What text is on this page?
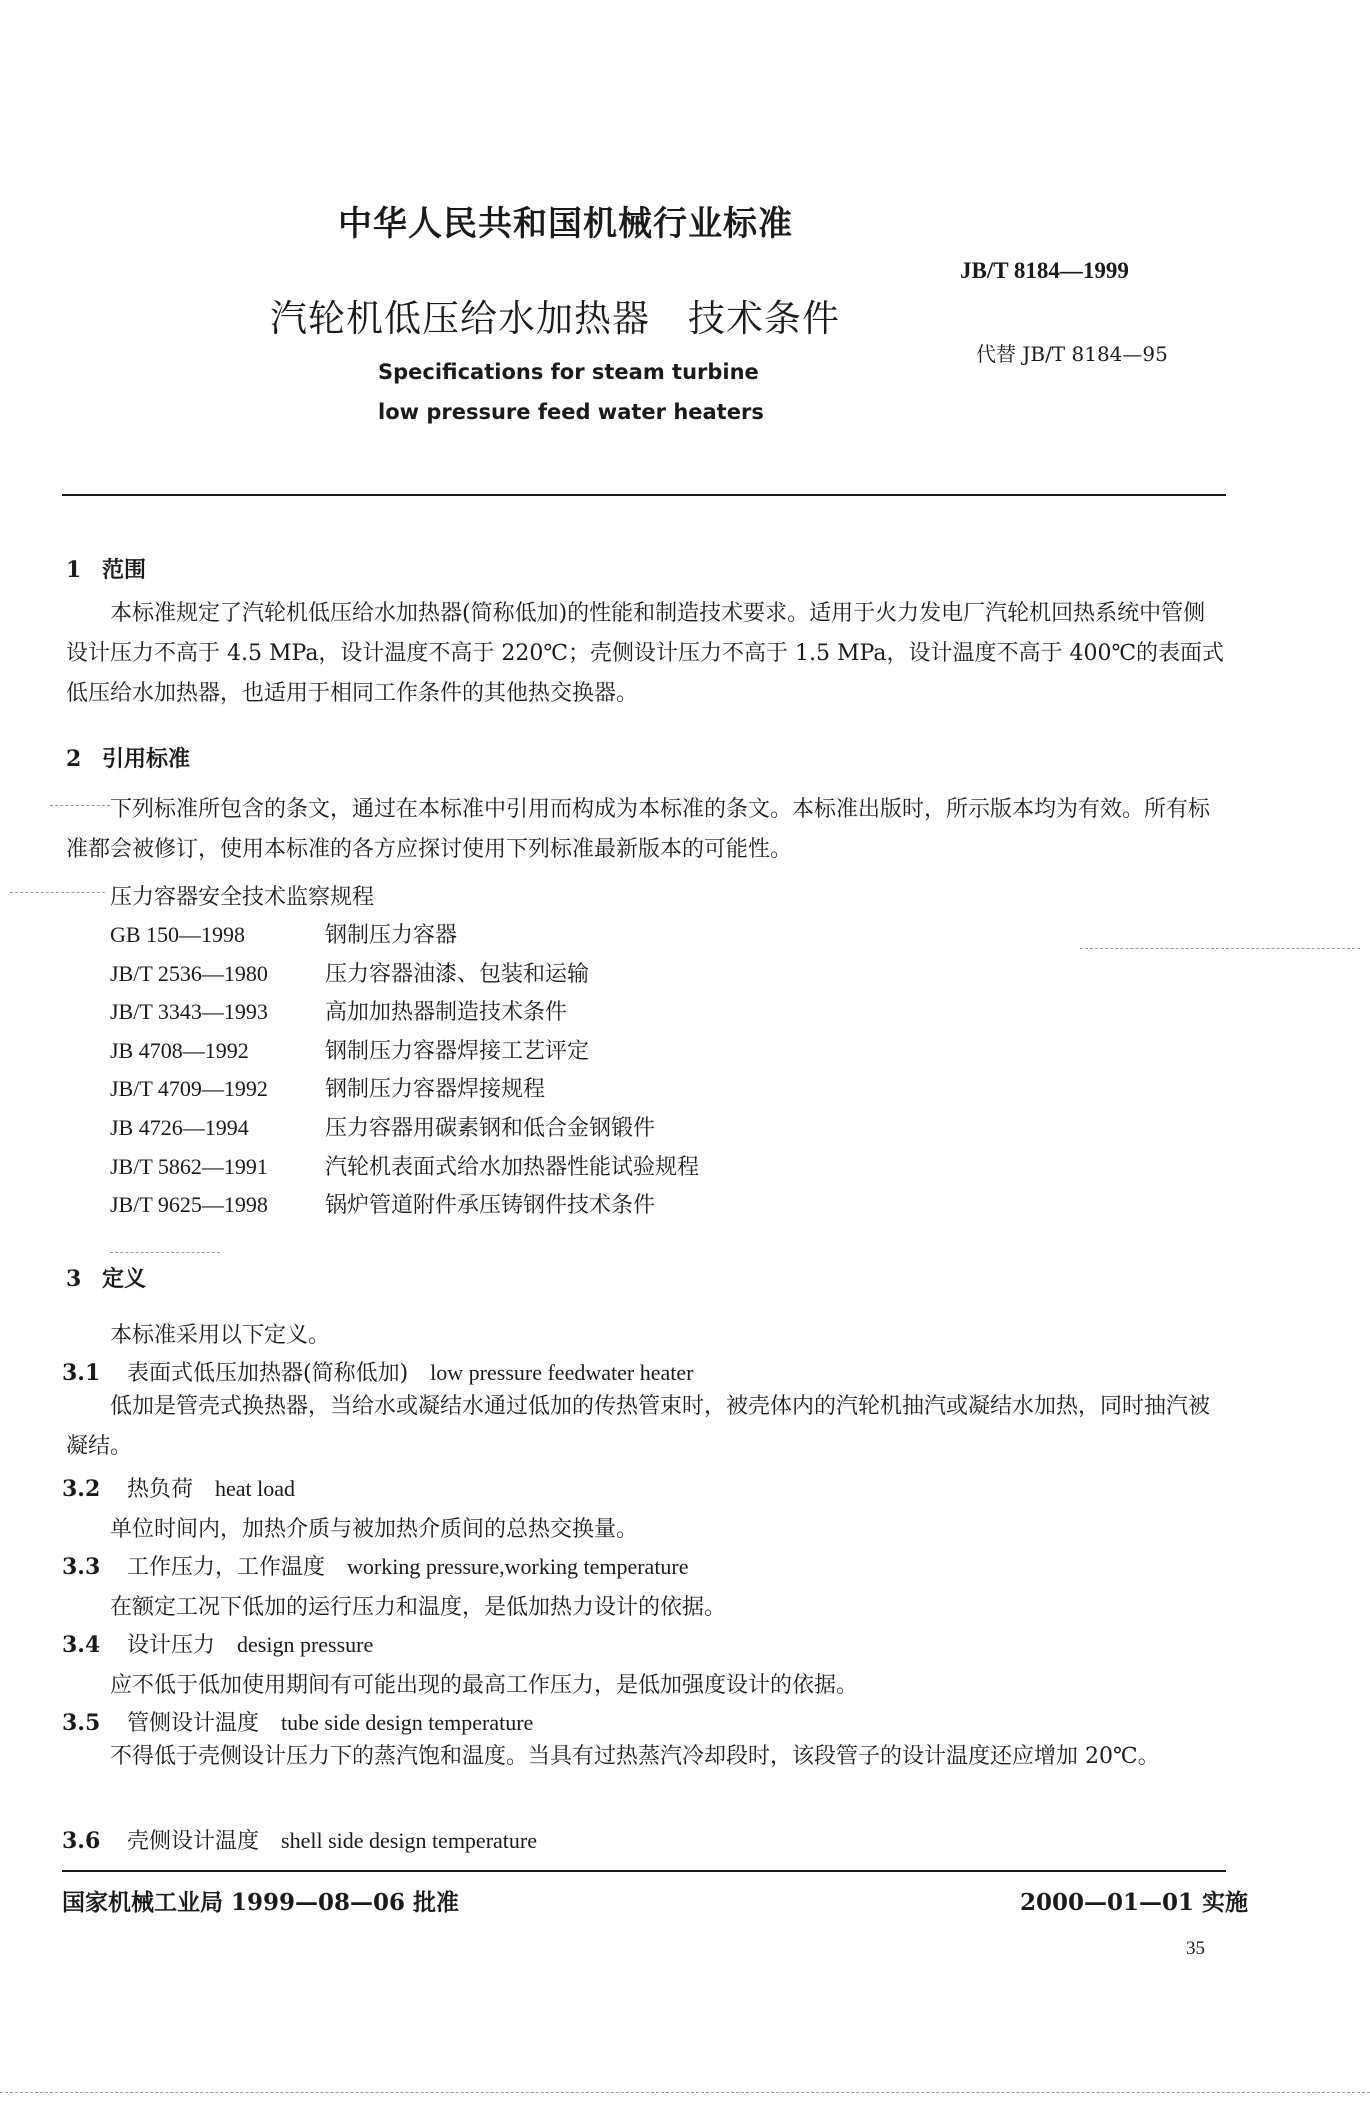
中华人民共和国机械行业标准
汽轮机低压给水加热器　技术条件
Specifications for steam turbine
low pressure feed water heaters
JB/T 8184—1999
代替 JB/T 8184—95
1 范围
本标准规定了汽轮机低压给水加热器(简称低加)的性能和制造技术要求。适用于火力发电厂汽轮机回热系统中管侧设计压力不高于 4.5 MPa，设计温度不高于 220℃；壳侧设计压力不高于 1.5 MPa，设计温度不高于 400℃的表面式低压给水加热器，也适用于相同工作条件的其他热交换器。
2 引用标准
下列标准所包含的条文，通过在本标准中引用而构成为本标准的条文。本标准出版时，所示版本均为有效。所有标准都会被修订，使用本标准的各方应探讨使用下列标准最新版本的可能性。
压力容器安全技术监察规程
GB 150—1998	钢制压力容器
JB/T 2536—1980	压力容器油漆、包装和运输
JB/T 3343—1993	高加加热器制造技术条件
JB 4708—1992	钢制压力容器焊接工艺评定
JB/T 4709—1992	钢制压力容器焊接规程
JB 4726—1994	压力容器用碳素钢和低合金钢锻件
JB/T 5862—1991	汽轮机表面式给水加热器性能试验规程
JB/T 9625—1998	锅炉管道附件承压铸钢件技术条件
3 定义
本标准采用以下定义。
3.1 表面式低压加热器(简称低加) low pressure feedwater heater
低加是管壳式换热器，当给水或凝结水通过低加的传热管束时，被壳体内的汽轮机抽汽或凝结水加热，同时抽汽被凝结。
3.2 热负荷 heat load
单位时间内，加热介质与被加热介质间的总热交换量。
3.3 工作压力，工作温度 working pressure,working temperature
在额定工况下低加的运行压力和温度，是低加热力设计的依据。
3.4 设计压力 design pressure
应不低于低加使用期间有可能出现的最高工作压力，是低加强度设计的依据。
3.5 管侧设计温度 tube side design temperature
不得低于壳侧设计压力下的蒸汽饱和温度。当具有过热蒸汽冷却段时，该段管子的设计温度还应增加 20℃。
3.6 壳侧设计温度 shell side design temperature
国家机械工业局 1999—08—06 批准	2000—01—01 实施
35
